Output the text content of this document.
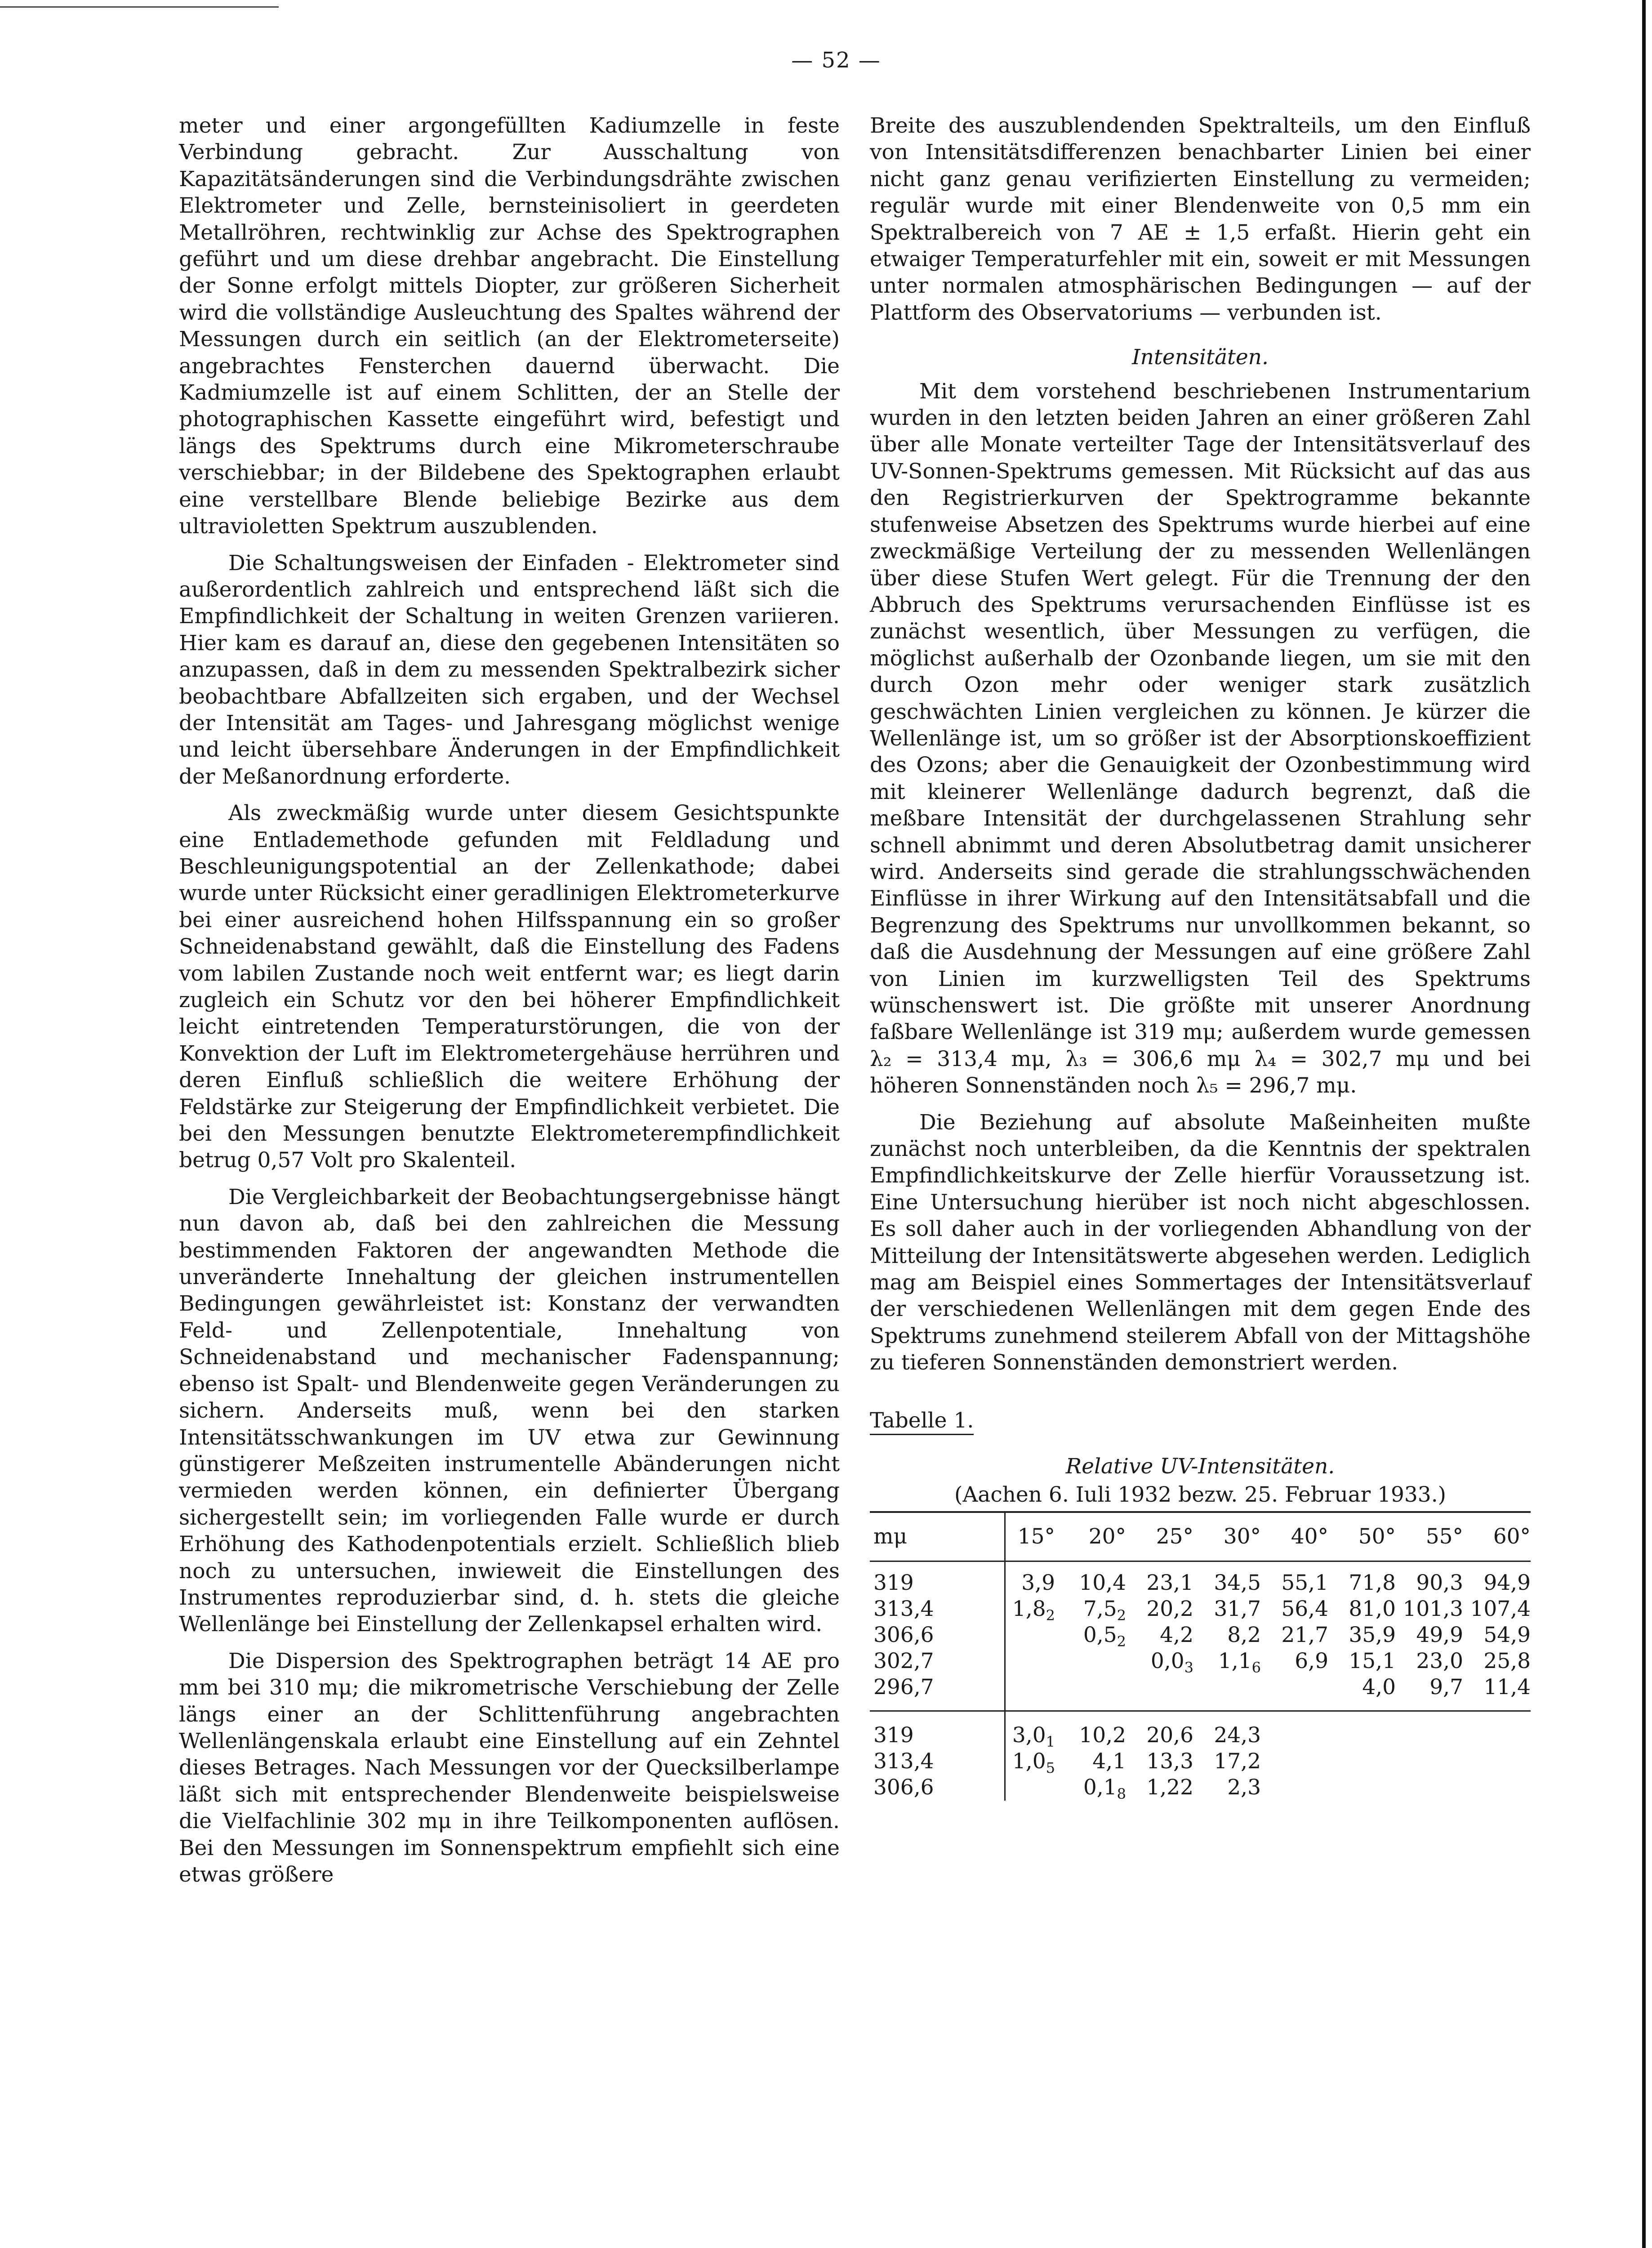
— 52 —

meter und einer argongefüllten Kadiumzelle in feste Verbindung gebracht. Zur Ausschaltung von Kapazitätsänderungen sind die Verbindungsdrähte zwischen Elektrometer und Zelle, bernsteinisoliert in geerdeten Metallröhren, rechtwinklig zur Achse des Spektrographen geführt und um diese drehbar angebracht. Die Einstellung der Sonne erfolgt mittels Diopter, zur größeren Sicherheit wird die vollständige Ausleuchtung des Spaltes während der Messungen durch ein seitlich (an der Elektrometerseite) angebrachtes Fensterchen dauernd überwacht. Die Kadmiumzelle ist auf einem Schlitten, der an Stelle der photographischen Kassette eingeführt wird, befestigt und längs des Spektrums durch eine Mikrometerschraube verschiebbar; in der Bildebene des Spektographen erlaubt eine verstellbare Blende beliebige Bezirke aus dem ultravioletten Spektrum auszublenden.

Die Schaltungsweisen der Einfaden - Elektrometer sind außerordentlich zahlreich und entsprechend läßt sich die Empfindlichkeit der Schaltung in weiten Grenzen variieren. Hier kam es darauf an, diese den gegebenen Intensitäten so anzupassen, daß in dem zu messenden Spektralbezirk sicher beobachtbare Abfallzeiten sich ergaben, und der Wechsel der Intensität am Tages- und Jahresgang möglichst wenige und leicht übersehbare Änderungen in der Empfindlichkeit der Meßanordnung erforderte.

Als zweckmäßig wurde unter diesem Gesichtspunkte eine Entlademethode gefunden mit Feldladung und Beschleunigungspotential an der Zellenkathode; dabei wurde unter Rücksicht einer geradlinigen Elektrometerkurve bei einer ausreichend hohen Hilfsspannung ein so großer Schneidenabstand gewählt, daß die Einstellung des Fadens vom labilen Zustande noch weit entfernt war; es liegt darin zugleich ein Schutz vor den bei höherer Empfindlichkeit leicht eintretenden Temperaturstörungen, die von der Konvektion der Luft im Elektrometergehäuse herrühren und deren Einfluß schließlich die weitere Erhöhung der Feldstärke zur Steigerung der Empfindlichkeit verbietet. Die bei den Messungen benutzte Elektrometerempfindlichkeit betrug 0,57 Volt pro Skalenteil.

Die Vergleichbarkeit der Beobachtungsergebnisse hängt nun davon ab, daß bei den zahlreichen die Messung bestimmenden Faktoren der angewandten Methode die unveränderte Innehaltung der gleichen instrumentellen Bedingungen gewährleistet ist: Konstanz der verwandten Feld- und Zellenpotentiale, Innehaltung von Schneidenabstand und mechanischer Fadenspannung; ebenso ist Spalt- und Blendenweite gegen Veränderungen zu sichern. Anderseits muß, wenn bei den starken Intensitätsschwankungen im UV etwa zur Gewinnung günstigerer Meßzeiten instrumentelle Abänderungen nicht vermieden werden können, ein definierter Übergang sichergestellt sein; im vorliegenden Falle wurde er durch Erhöhung des Kathodenpotentials erzielt. Schließlich blieb noch zu untersuchen, inwieweit die Einstellungen des Instrumentes reproduzierbar sind, d. h. stets die gleiche Wellenlänge bei Einstellung der Zellenkapsel erhalten wird.

Die Dispersion des Spektrographen beträgt 14 AE pro mm bei 310 mμ; die mikrometrische Verschiebung der Zelle längs einer an der Schlittenführung angebrachten Wellenlängenskala erlaubt eine Einstellung auf ein Zehntel dieses Betrages. Nach Messungen vor der Quecksilberlampe läßt sich mit entsprechender Blendenweite beispielsweise die Vielfachlinie 302 mμ in ihre Teilkomponenten auflösen. Bei den Messungen im Sonnenspektrum empfiehlt sich eine etwas größere

Breite des auszublendenden Spektralteils, um den Einfluß von Intensitätsdifferenzen benachbarter Linien bei einer nicht ganz genau verifizierten Einstellung zu vermeiden; regulär wurde mit einer Blendenweite von 0,5 mm ein Spektralbereich von 7 AE ± 1,5 erfaßt. Hierin geht ein etwaiger Temperaturfehler mit ein, soweit er mit Messungen unter normalen atmosphärischen Bedingungen — auf der Plattform des Observatoriums — verbunden ist.

Intensitäten.

Mit dem vorstehend beschriebenen Instrumentarium wurden in den letzten beiden Jahren an einer größeren Zahl über alle Monate verteilter Tage der Intensitätsverlauf des UV-Sonnen-Spektrums gemessen. Mit Rücksicht auf das aus den Registrierkurven der Spektrogramme bekannte stufenweise Absetzen des Spektrums wurde hierbei auf eine zweckmäßige Verteilung der zu messenden Wellenlängen über diese Stufen Wert gelegt. Für die Trennung der den Abbruch des Spektrums verursachenden Einflüsse ist es zunächst wesentlich, über Messungen zu verfügen, die möglichst außerhalb der Ozonbande liegen, um sie mit den durch Ozon mehr oder weniger stark zusätzlich geschwächten Linien vergleichen zu können. Je kürzer die Wellenlänge ist, um so größer ist der Absorptionskoeffizient des Ozons; aber die Genauigkeit der Ozonbestimmung wird mit kleinerer Wellenlänge dadurch begrenzt, daß die meßbare Intensität der durchgelassenen Strahlung sehr schnell abnimmt und deren Absolutbetrag damit unsicherer wird. Anderseits sind gerade die strahlungsschwächenden Einflüsse in ihrer Wirkung auf den Intensitätsabfall und die Begrenzung des Spektrums nur unvollkommen bekannt, so daß die Ausdehnung der Messungen auf eine größere Zahl von Linien im kurzwelligsten Teil des Spektrums wünschenswert ist. Die größte mit unserer Anordnung faßbare Wellenlänge ist 319 mμ; außerdem wurde gemessen λ₂ = 313,4 mμ, λ₃ = 306,6 mμ λ₄ = 302,7 mμ und bei höheren Sonnenständen noch λ₅ = 296,7 mμ.

Die Beziehung auf absolute Maßeinheiten mußte zunächst noch unterbleiben, da die Kenntnis der spektralen Empfindlichkeitskurve der Zelle hierfür Voraussetzung ist. Eine Untersuchung hierüber ist noch nicht abgeschlossen. Es soll daher auch in der vorliegenden Abhandlung von der Mitteilung der Intensitätswerte abgesehen werden. Lediglich mag am Beispiel eines Sommertages der Intensitätsverlauf der verschiedenen Wellenlängen mit dem gegen Ende des Spektrums zunehmend steilerem Abfall von der Mittagshöhe zu tieferen Sonnenständen demonstriert werden.

Tabelle 1.
Relative UV-Intensitäten.
(Aachen 6. Iuli 1932 bezw. 25. Februar 1933.)
mμ	15°	20°	25°	30°	40°	50°	55°	60°
319	3,9	10,4	23,1	34,5	55,1	71,8	90,3	94,9
313,4	$1,8_2$	$7,5_2$	20,2	31,7	56,4	81,0	101,3	107,4
306,6		$0,5_2$	4,2	8,2	21,7	35,9	49,9	54,9
302,7			$0,0_3$	$1,1_6$	6,9	15,1	23,0	25,8
296,7						4,0	9,7	11,4
319	$3,0_1$	10,2	20,6	24,3				
313,4	$1,0_5$	4,1	13,3	17,2				
306,6		$0,1_8$	1,22	2,3				
